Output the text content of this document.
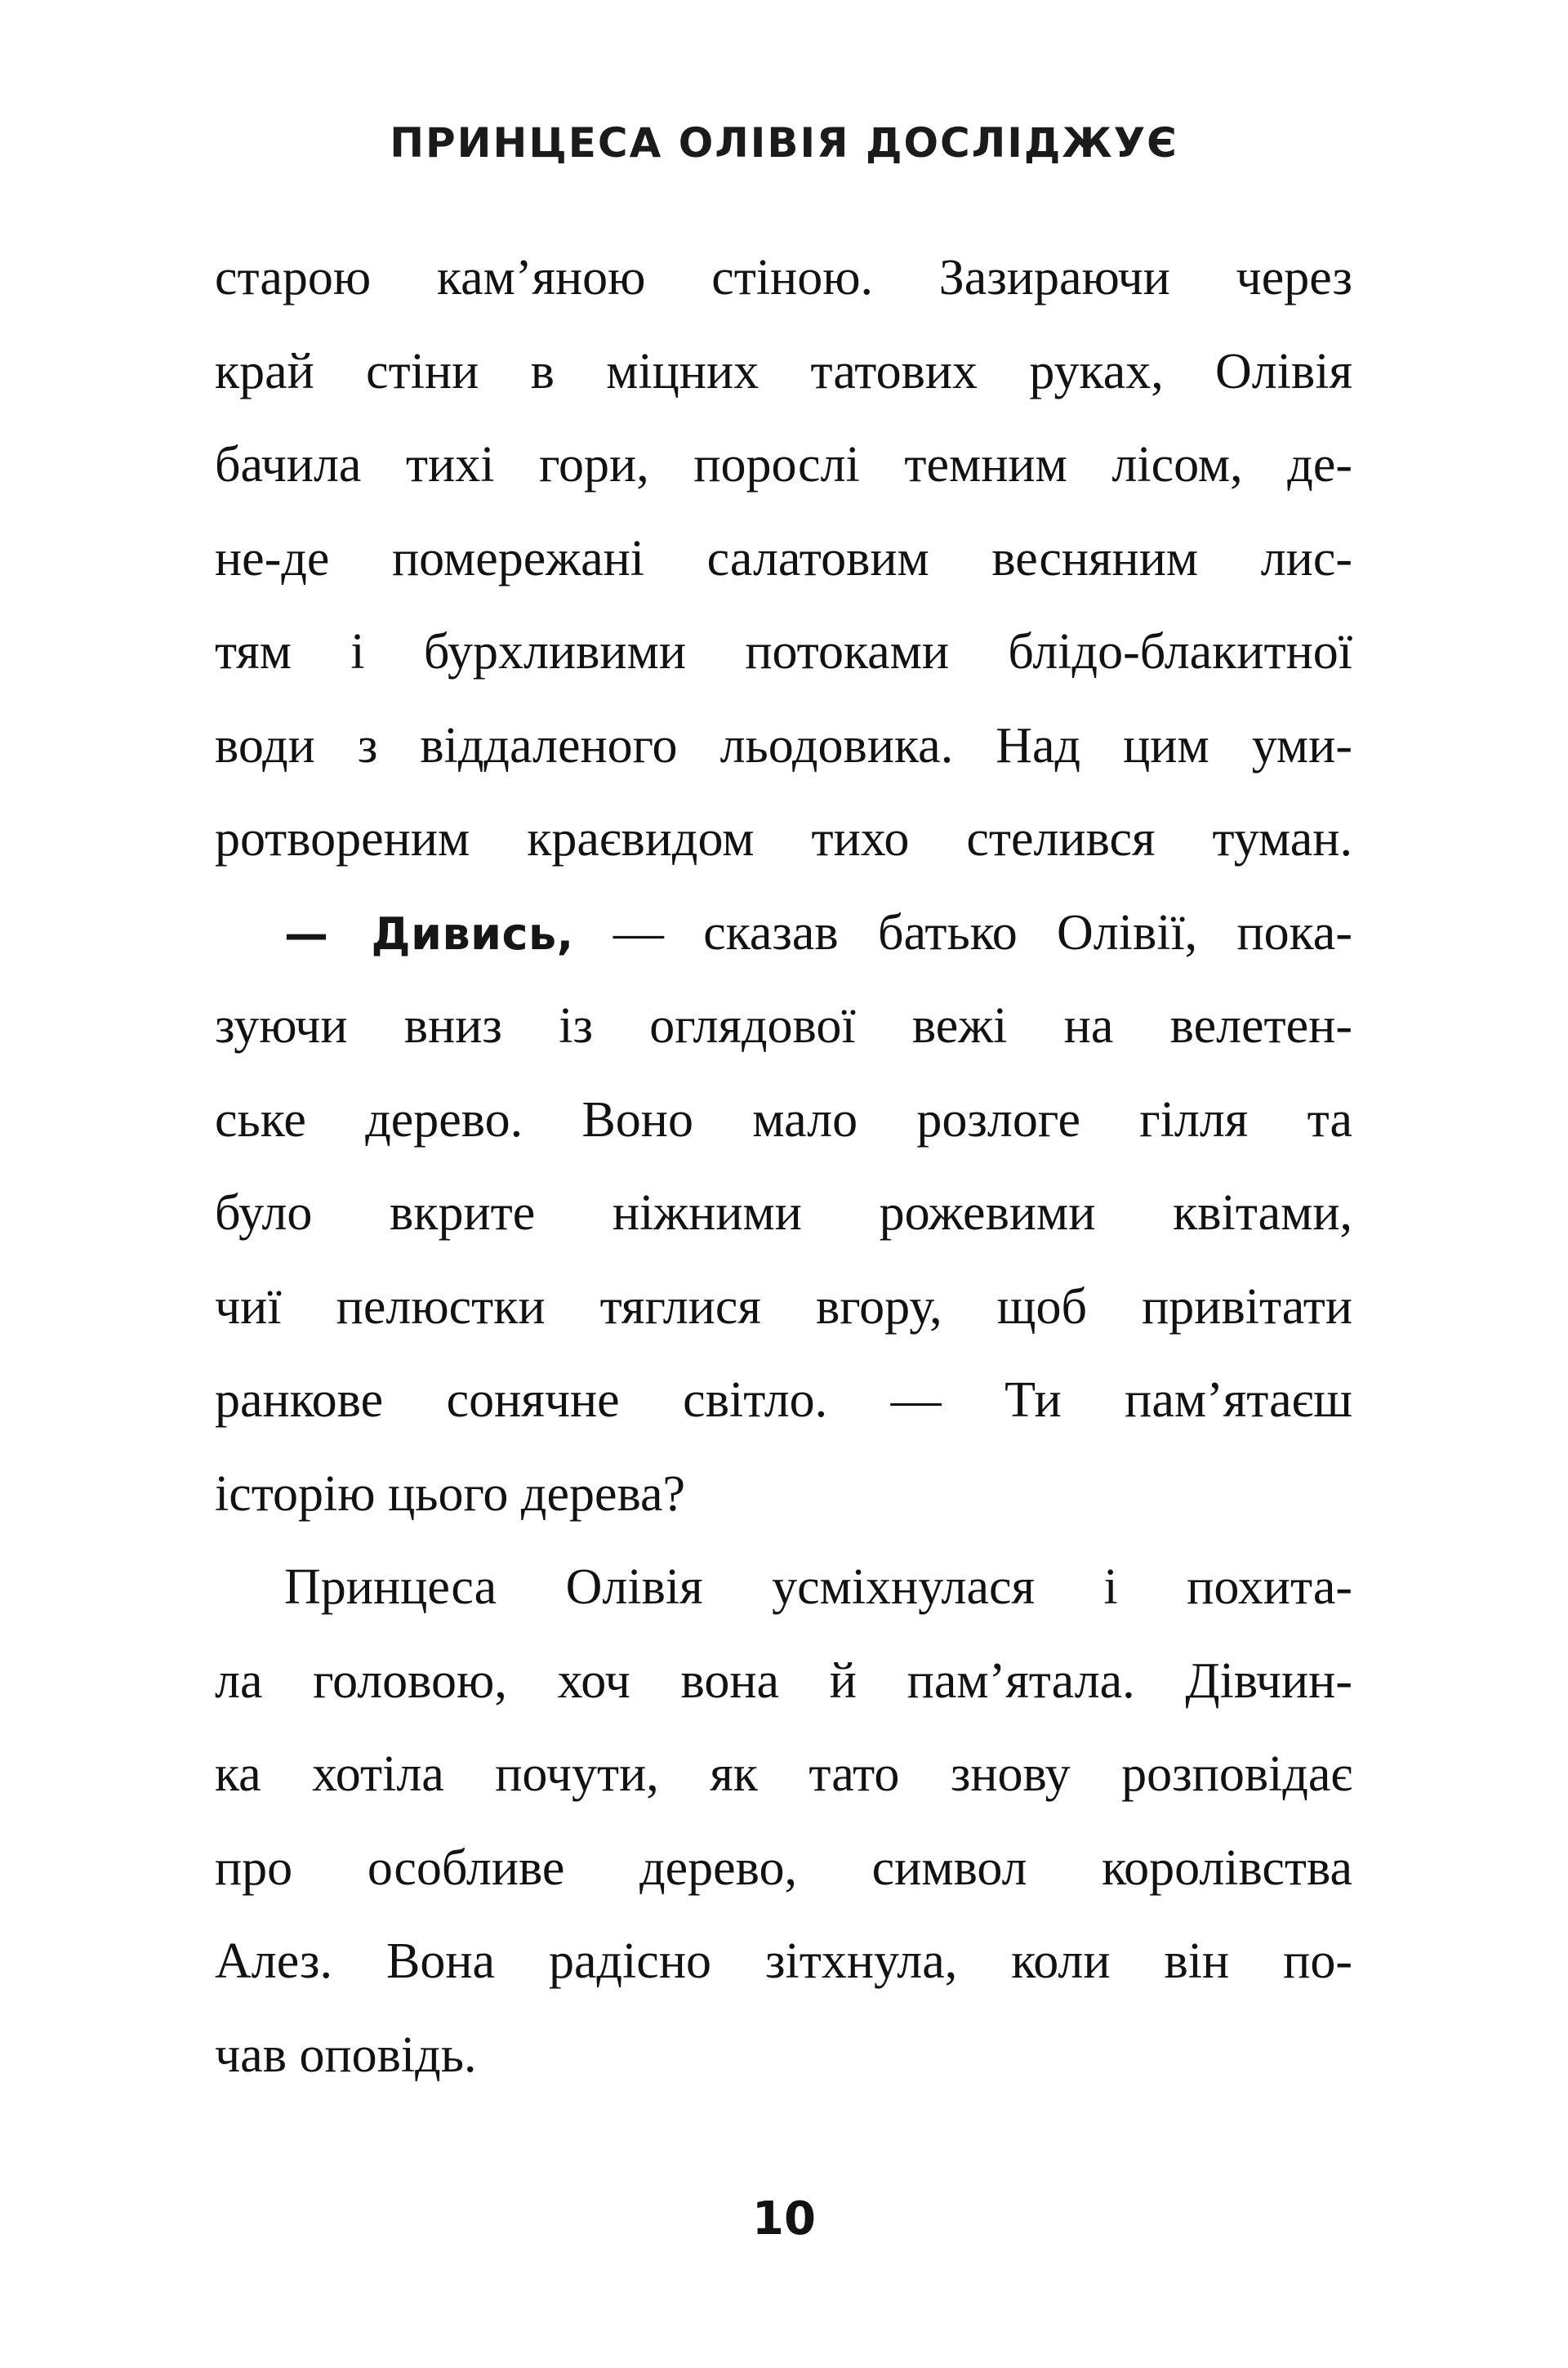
ПРИНЦЕСА ОЛІВІЯ ДОСЛІДЖУЄ
старою кам’яною стіною. Зазираючи через
край стіни в міцних татових руках, Олівія
бачила тихі гори, порослі темним лісом, де-
не-де помережані салатовим весняним лис-
тям і бурхливими потоками блідо-блакитної
води з віддаленого льодовика. Над цим уми-
ротвореним краєвидом тихо стелився туман.
— Дивись, — сказав батько Олівії, пока-
зуючи вниз із оглядової вежі на велетен-
ське дерево. Воно мало розлоге гілля та
було вкрите ніжними рожевими квітами,
чиї пелюстки тяглися вгору, щоб привітати
ранкове сонячне світло. — Ти пам’ятаєш
історію цього дерева?
Принцеса Олівія усміхнулася і похита-
ла головою, хоч вона й пам’ятала. Дівчин-
ка хотіла почути, як тато знову розповідає
про особливе дерево, символ королівства
Алез. Вона радісно зітхнула, коли він по-
чав оповідь.
10
